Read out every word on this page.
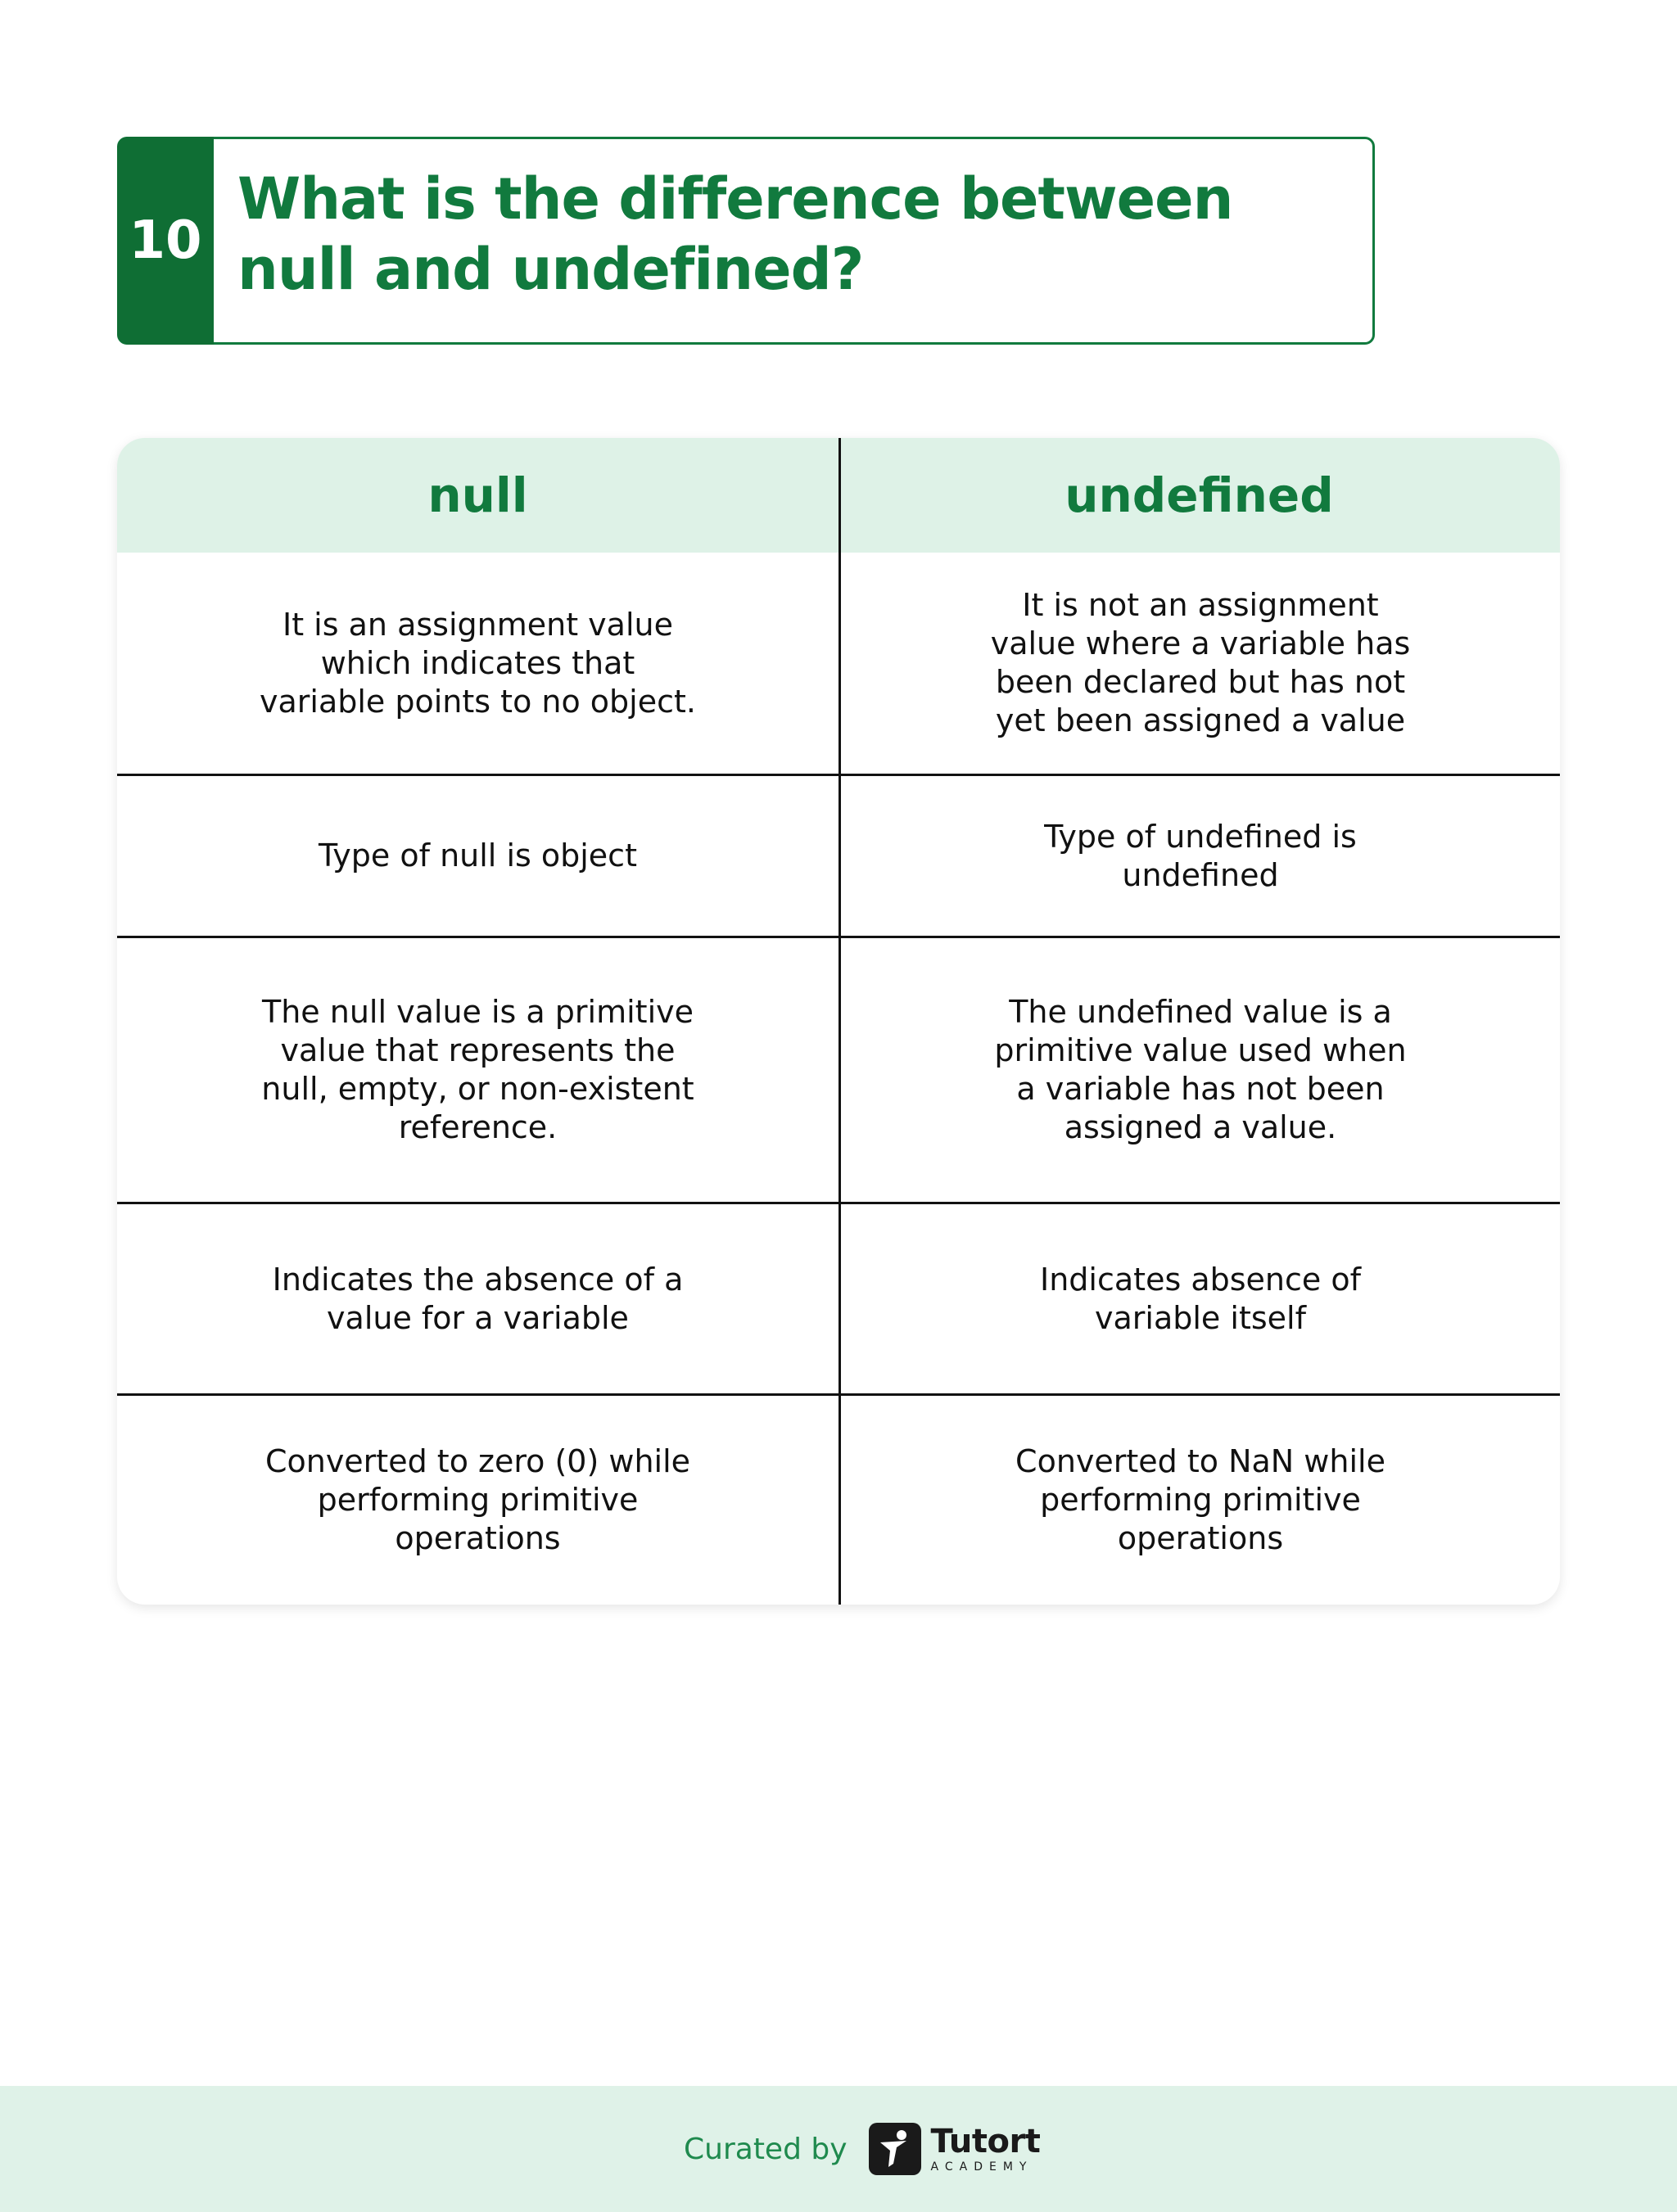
10
What is the difference between null and undefined?
null	undefined
It is an assignment value
which indicates that
variable points to no object.
It is not an assignment
value where a variable has
been declared but has not
yet been assigned a value
Type of null is object
Type of undefined is
undefined
The null value is a primitive
value that represents the
null, empty, or non-existent
reference.
The undefined value is a
primitive value used when
a variable has not been
assigned a value.
Indicates the absence of a
value for a variable
Indicates absence of
variable itself
Converted to zero (0) while
performing primitive
operations
Converted to NaN while
performing primitive
operations
Curated by	Tutort
ACADEMY
